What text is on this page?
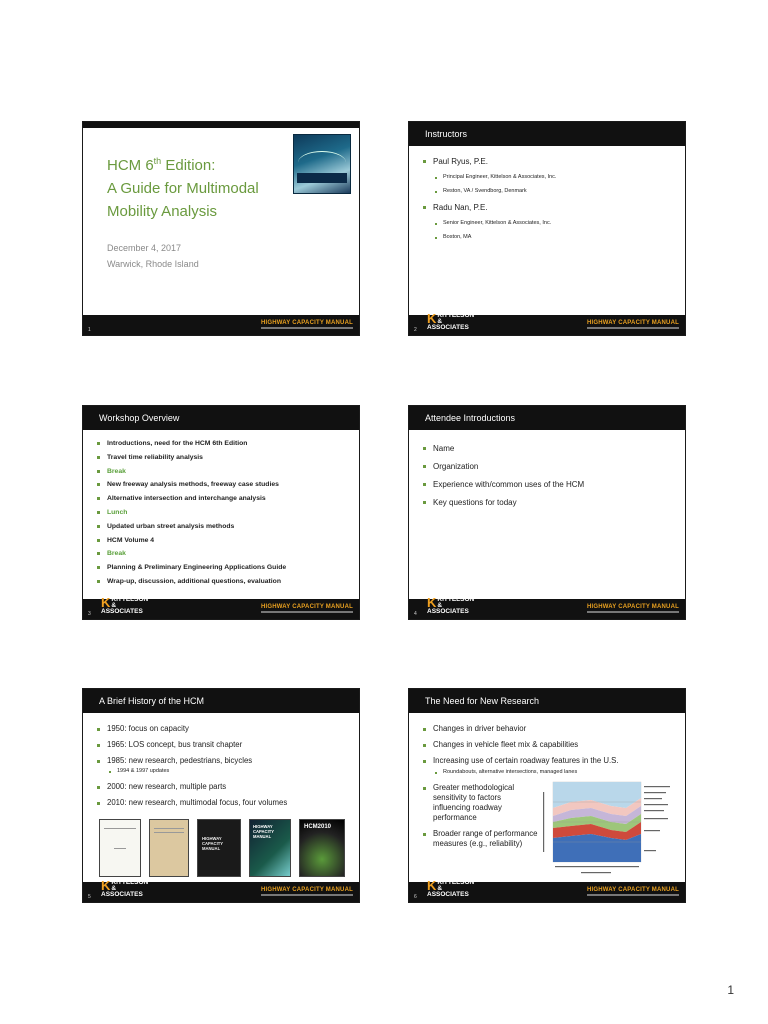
HCM 6th Edition:
A Guide for Multimodal
Mobility Analysis
December 4, 2017
Warwick, Rhode Island
1
HIGHWAY CAPACITY MANUAL
Instructors
Paul Ryus, P.E.
Principal Engineer, Kittelson & Associates, Inc.
Reston, VA / Svendborg, Denmark
Radu Nan, P.E.
Senior Engineer, Kittelson & Associates, Inc.
Boston, MA
2
KKITTELSON
& ASSOCIATES
HIGHWAY CAPACITY MANUAL
Workshop Overview
Introductions, need for the HCM 6th Edition
Travel time reliability analysis
Break
New freeway analysis methods, freeway case studies
Alternative intersection and interchange analysis
Lunch
Updated urban street analysis methods
HCM Volume 4
Break
Planning & Preliminary Engineering Applications Guide
Wrap-up, discussion, additional questions, evaluation
3
KKITTELSON
& ASSOCIATES
HIGHWAY CAPACITY MANUAL
Attendee Introductions
Name
Organization
Experience with/common uses of the HCM
Key questions for today
4
KKITTELSON
& ASSOCIATES
HIGHWAY CAPACITY MANUAL
A Brief History of the HCM
1950: focus on capacity
1965: LOS concept, bus transit chapter
1985: new research, pedestrians, bicycles
1994 & 1997 updates
2000: new research, multiple parts
2010: new research, multimodal focus, four volumes
HIGHWAY CAPACITY MANUAL
HIGHWAY CAPACITY MANUAL
HCM2010
5
KKITTELSON
& ASSOCIATES
HIGHWAY CAPACITY MANUAL
The Need for New Research
Changes in driver behavior
Changes in vehicle fleet mix & capabilities
Increasing use of certain roadway features in the U.S.
Roundabouts, alternative intersections, managed lanes
Greater methodological sensitivity to factors influencing roadway performance
Broader range of performance measures (e.g., reliability)
6
KKITTELSON
& ASSOCIATES
HIGHWAY CAPACITY MANUAL
1
